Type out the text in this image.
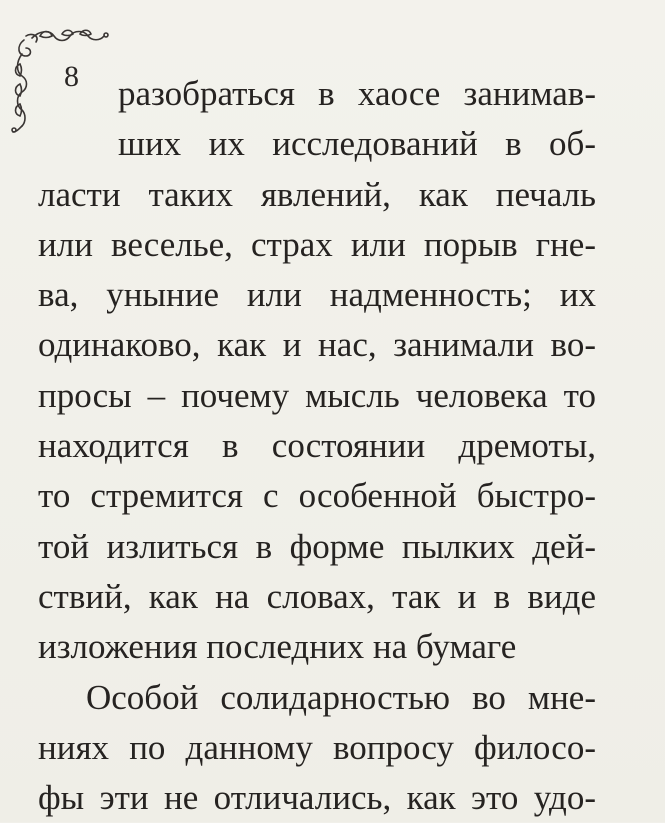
8	разобраться в хаосе занимав-
ших их исследований в об-
ласти таких явлений, как печаль
или веселье, страх или порыв гне-
ва, уныние или надменность; их
одинаково, как и нас, занимали во-
просы – почему мысль человека то
находится в состоянии дремоты,
то стремится с особенной быстро-
той излиться в форме пылких дей-
ствий, как на словах, так и в виде
изложения последних на бумаге
Особой солидарностью во мне-
ниях по данному вопросу филосо-
фы эти не отличались, как это удо-
